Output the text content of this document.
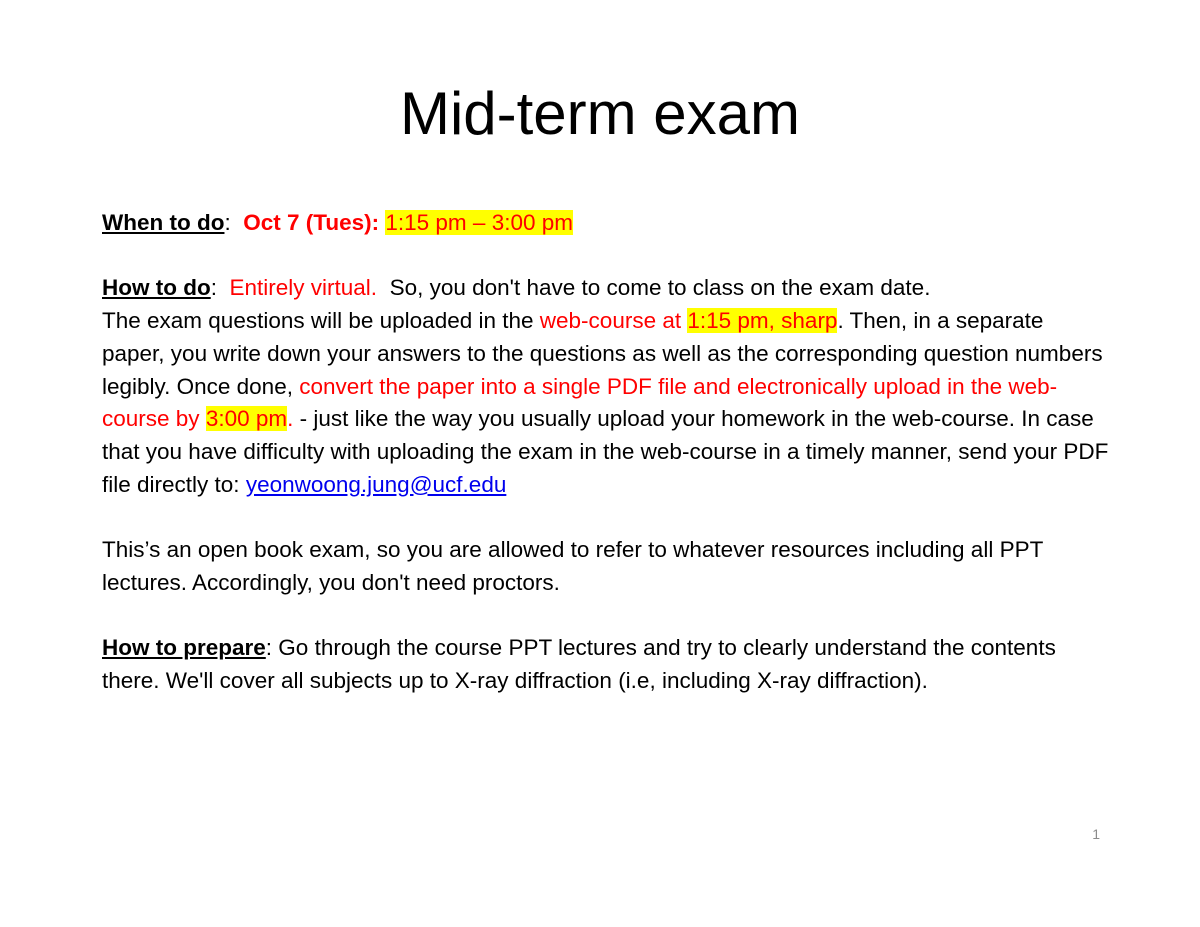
Mid-term exam

When to do: Oct 7 (Tues): 1:15 pm – 3:00 pm

How to do: Entirely virtual. So, you don't have to come to class on the exam date.
The exam questions will be uploaded in the web-course at 1:15 pm, sharp. Then, in a separate paper, you write down your answers to the questions as well as the corresponding question numbers legibly. Once done, convert the paper into a single PDF file and electronically upload in the web-course by 3:00 pm. - just like the way you usually upload your homework in the web-course. In case that you have difficulty with uploading the exam in the web-course in a timely manner, send your PDF file directly to: yeonwoong.jung@ucf.edu

This’s an open book exam, so you are allowed to refer to whatever resources including all PPT lectures. Accordingly, you don't need proctors.

How to prepare: Go through the course PPT lectures and try to clearly understand the contents there. We'll cover all subjects up to X-ray diffraction (i.e, including X-ray diffraction).

1
